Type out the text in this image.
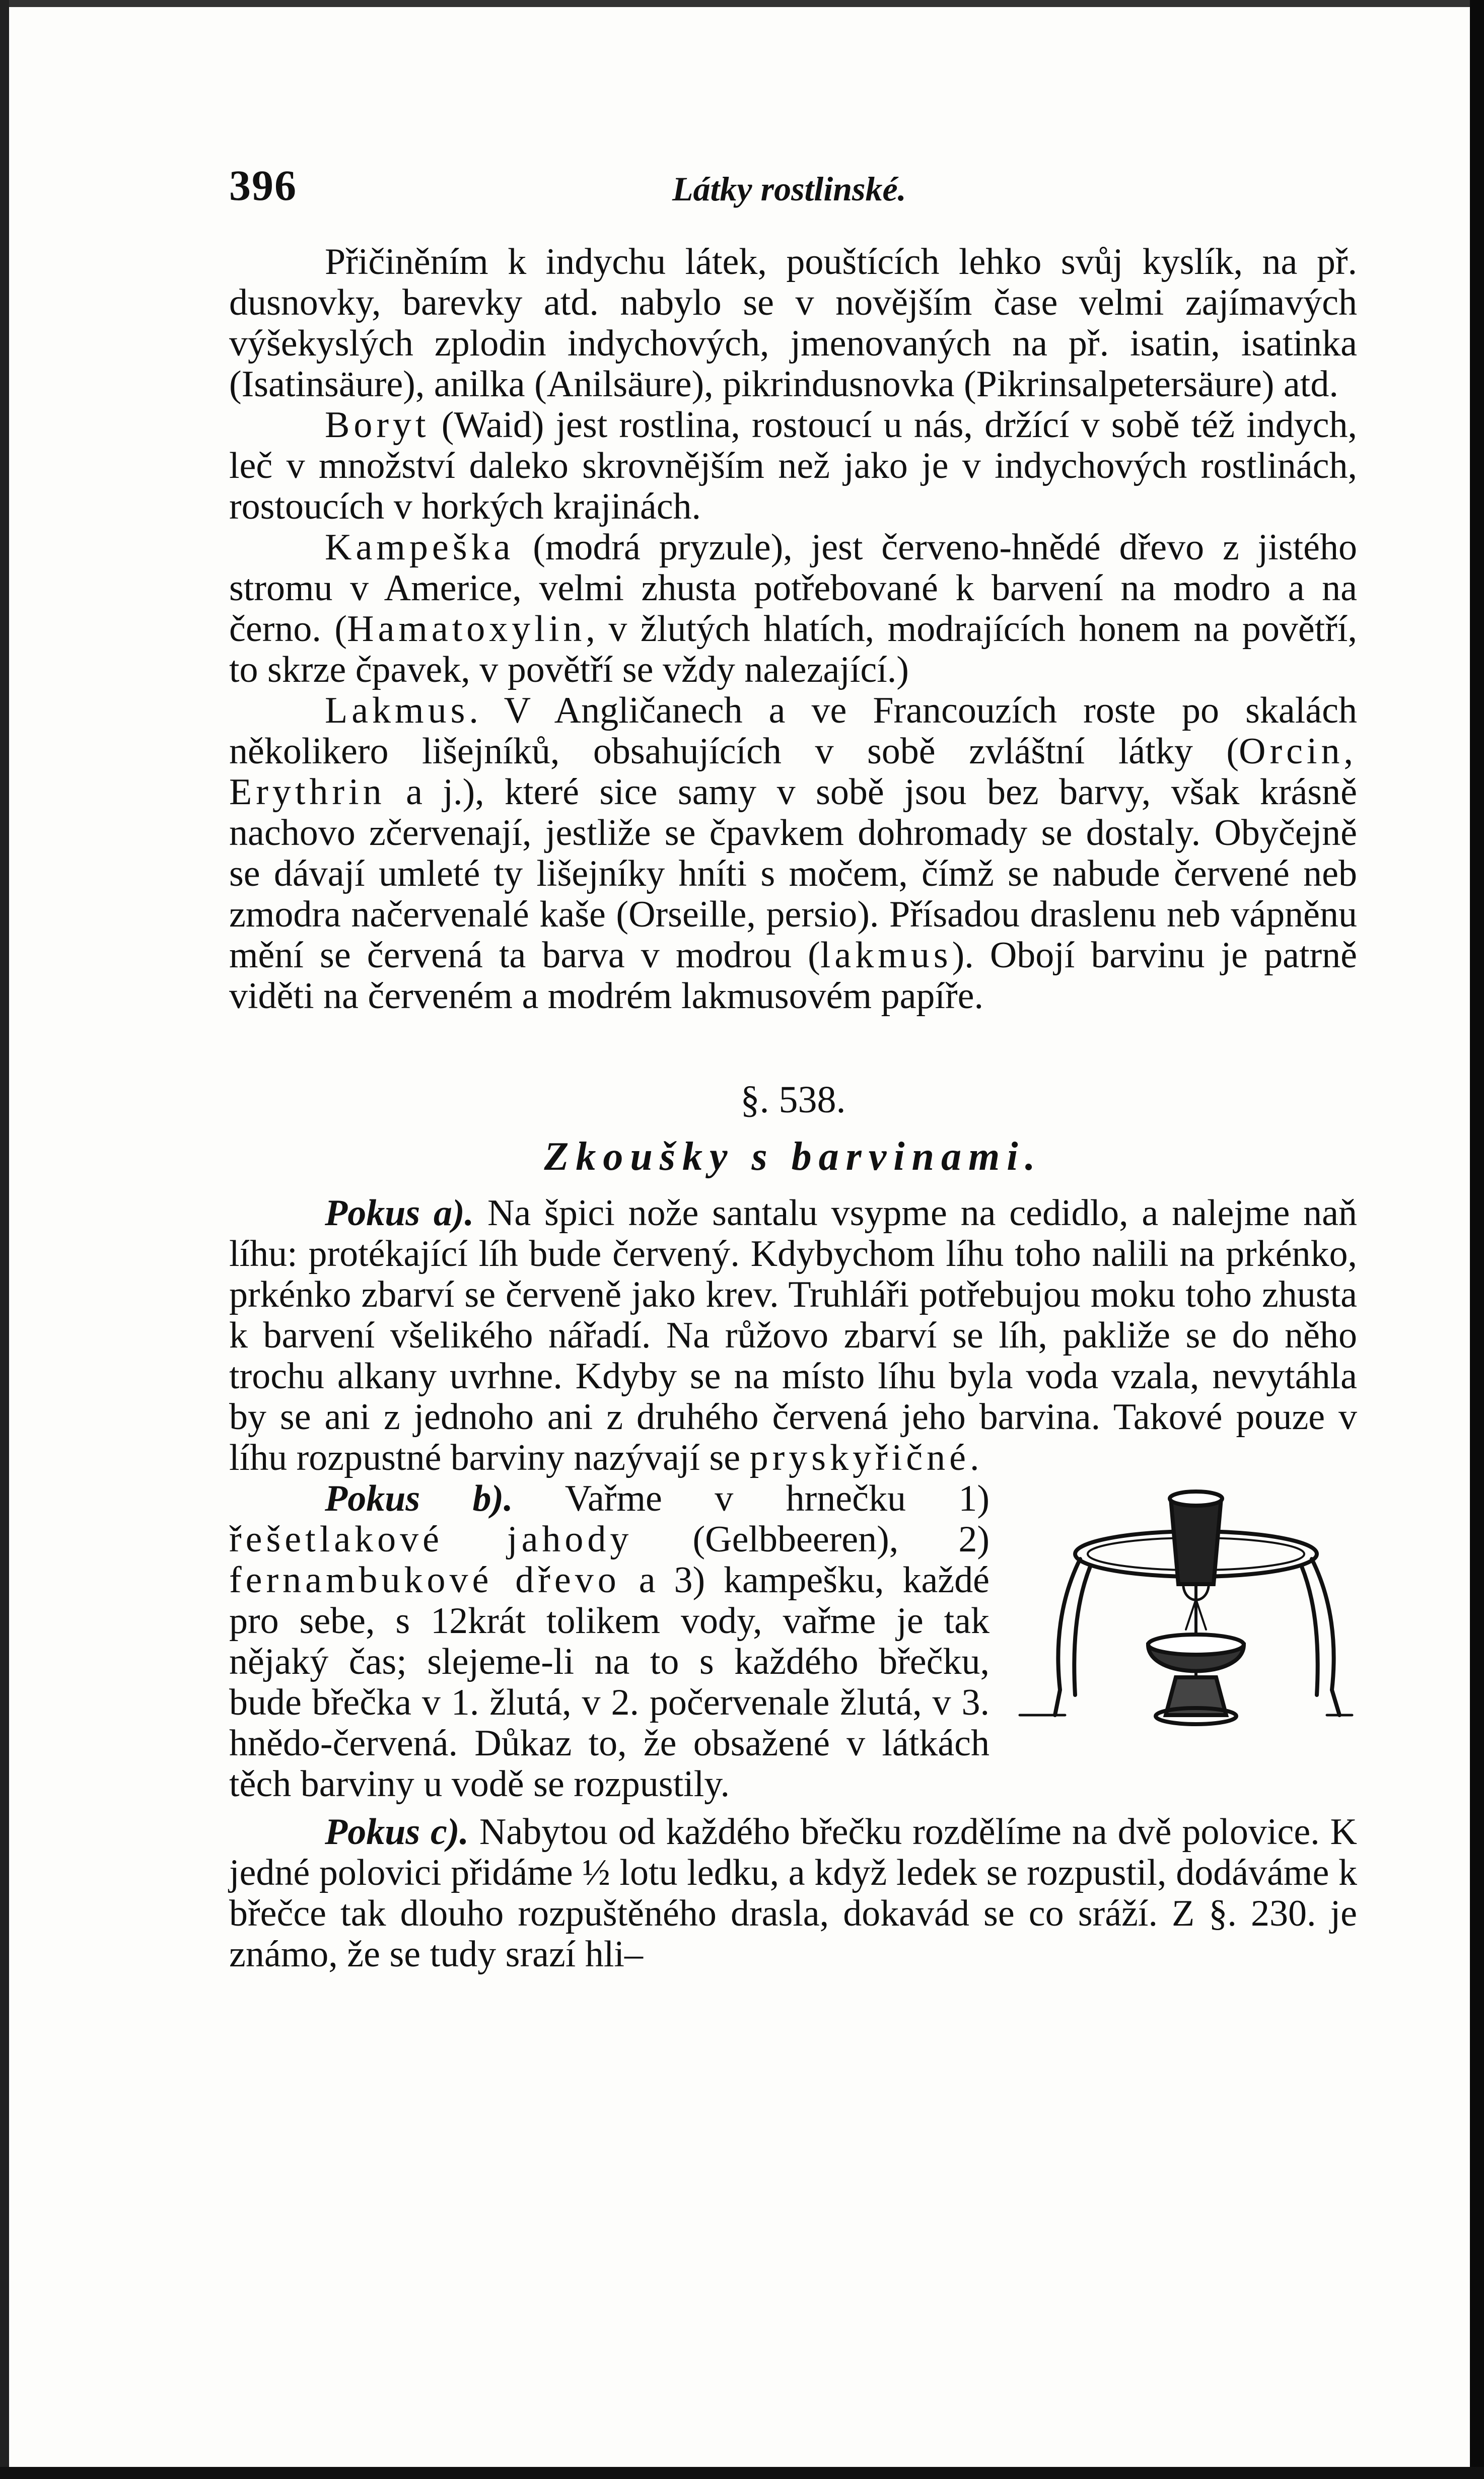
396	Látky rostlinské.

Přičiněním k indychu látek, pouštících lehko svůj kyslík, na př. dusnovky, barevky atd. nabylo se v novějším čase velmi zajímavých výšekyslých zplodin indychových, jmenovaných na př. isatin, isatinka (Isatinsäure), anilka (Anilsäure), pikrindusnovka (Pikrinsalpetersäure) atd.

Boryt (Waid) jest rostlina, rostoucí u nás, držící v sobě též indych, leč v množství daleko skrovnějším než jako je v indychových rostlinách, rostoucích v horkých krajinách.

Kampeška (modrá pryzule), jest červeno-hnědé dřevo z jistého stromu v Americe, velmi zhusta potřebované k barvení na modro a na černo. (Hamatoxylin, v žlutých hlatích, modrajících honem na povětří, to skrze čpavek, v povětří se vždy nalezající.)

Lakmus. V Angličanech a ve Francouzích roste po skalách několikero lišejníků, obsahujících v sobě zvláštní látky (Orcin, Erythrin a j.), které sice samy v sobě jsou bez barvy, však krásně nachovo zčervenají, jestliže se čpavkem dohromady se dostaly. Obyčejně se dávají umleté ty lišejníky hníti s močem, čímž se nabude červené neb zmodra načervenalé kaše (Orseille, persio). Přísadou draslenu neb vápněnu mění se červená ta barva v modrou (lakmus). Obojí barvinu je patrně viděti na červeném a modrém lakmusovém papíře.

§. 538.
Zkoušky s barvinami.

Pokus a). Na špici nože santalu vsypme na cedidlo, a nalejme naň líhu: protékající líh bude červený. Kdybychom líhu toho nalili na prkénko, prkénko zbarví se červeně jako krev. Truhláři potřebujou moku toho zhusta k barvení všelikého nářadí. Na růžovo zbarví se líh, pakliže se do něho trochu alkany uvrhne. Kdyby se na místo líhu byla voda vzala, nevytáhla by se ani z jednoho ani z druhého červená jeho barvina. Takové pouze v líhu rozpustné barviny nazývají se pryskyřičné.

Pokus b). Vařme v hrnečku 1) řešetlakové jahody (Gelbbeeren), 2) fernambukové dřevo a 3) kampešku, každé pro sebe, s 12krát tolikem vody, vařme je tak nějaký čas; slejeme-li na to s každého břečku, bude břečka v 1. žlutá, v 2. počervenale žlutá, v 3. hnědo-červená. Důkaz to, že obsažené v látkách těch barviny u vodě se rozpustily.

Pokus c). Nabytou od každého břečku rozdělíme na dvě polovice. K jedné polovici přidáme ½ lotu ledku, a když ledek se rozpustil, dodáváme k břečce tak dlouho rozpuštěného drasla, dokavád se co sráží. Z §. 230. je známo, že se tudy srazí hli–
